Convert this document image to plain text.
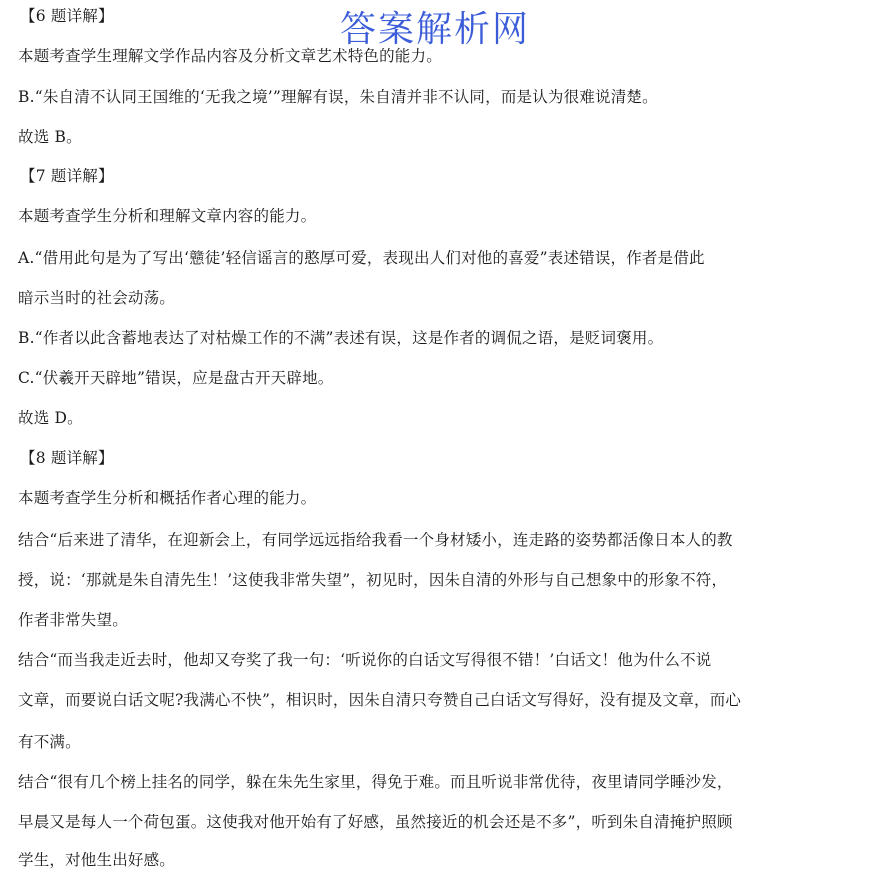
【6 题详解】
本题考查学生理解文学作品内容及分析文章艺术特色的能力。
B.“朱自清不认同王国维的‘无我之境’”理解有误，朱自清并非不认同，而是认为很难说清楚。
故选 B。
【7 题详解】
本题考查学生分析和理解文章内容的能力。
A.“借用此句是为了写出‘戆徒’轻信谣言的憨厚可爱，表现出人们对他的喜爱”表述错误，作者是借此
暗示当时的社会动荡。
B.“作者以此含蓄地表达了对枯燥工作的不满”表述有误，这是作者的调侃之语，是贬词褒用。
C.“伏羲开天辟地”错误，应是盘古开天辟地。
故选 D。
【8 题详解】
本题考查学生分析和概括作者心理的能力。
结合“后来进了清华，在迎新会上，有同学远远指给我看一个身材矮小，连走路的姿势都活像日本人的教
授，说：‘那就是朱自清先生！’这使我非常失望”，初见时，因朱自清的外形与自己想象中的形象不符，
作者非常失望。
结合“而当我走近去时，他却又夸奖了我一句：‘听说你的白话文写得很不错！’白话文！他为什么不说
文章，而要说白话文呢?我满心不快”，相识时，因朱自清只夸赞自己白话文写得好，没有提及文章，而心
有不满。
结合“很有几个榜上挂名的同学，躲在朱先生家里，得免于难。而且听说非常优待，夜里请同学睡沙发，
早晨又是每人一个荷包蛋。这使我对他开始有了好感，虽然接近的机会还是不多”，听到朱自清掩护照顾
学生，对他生出好感。
答案解析网
